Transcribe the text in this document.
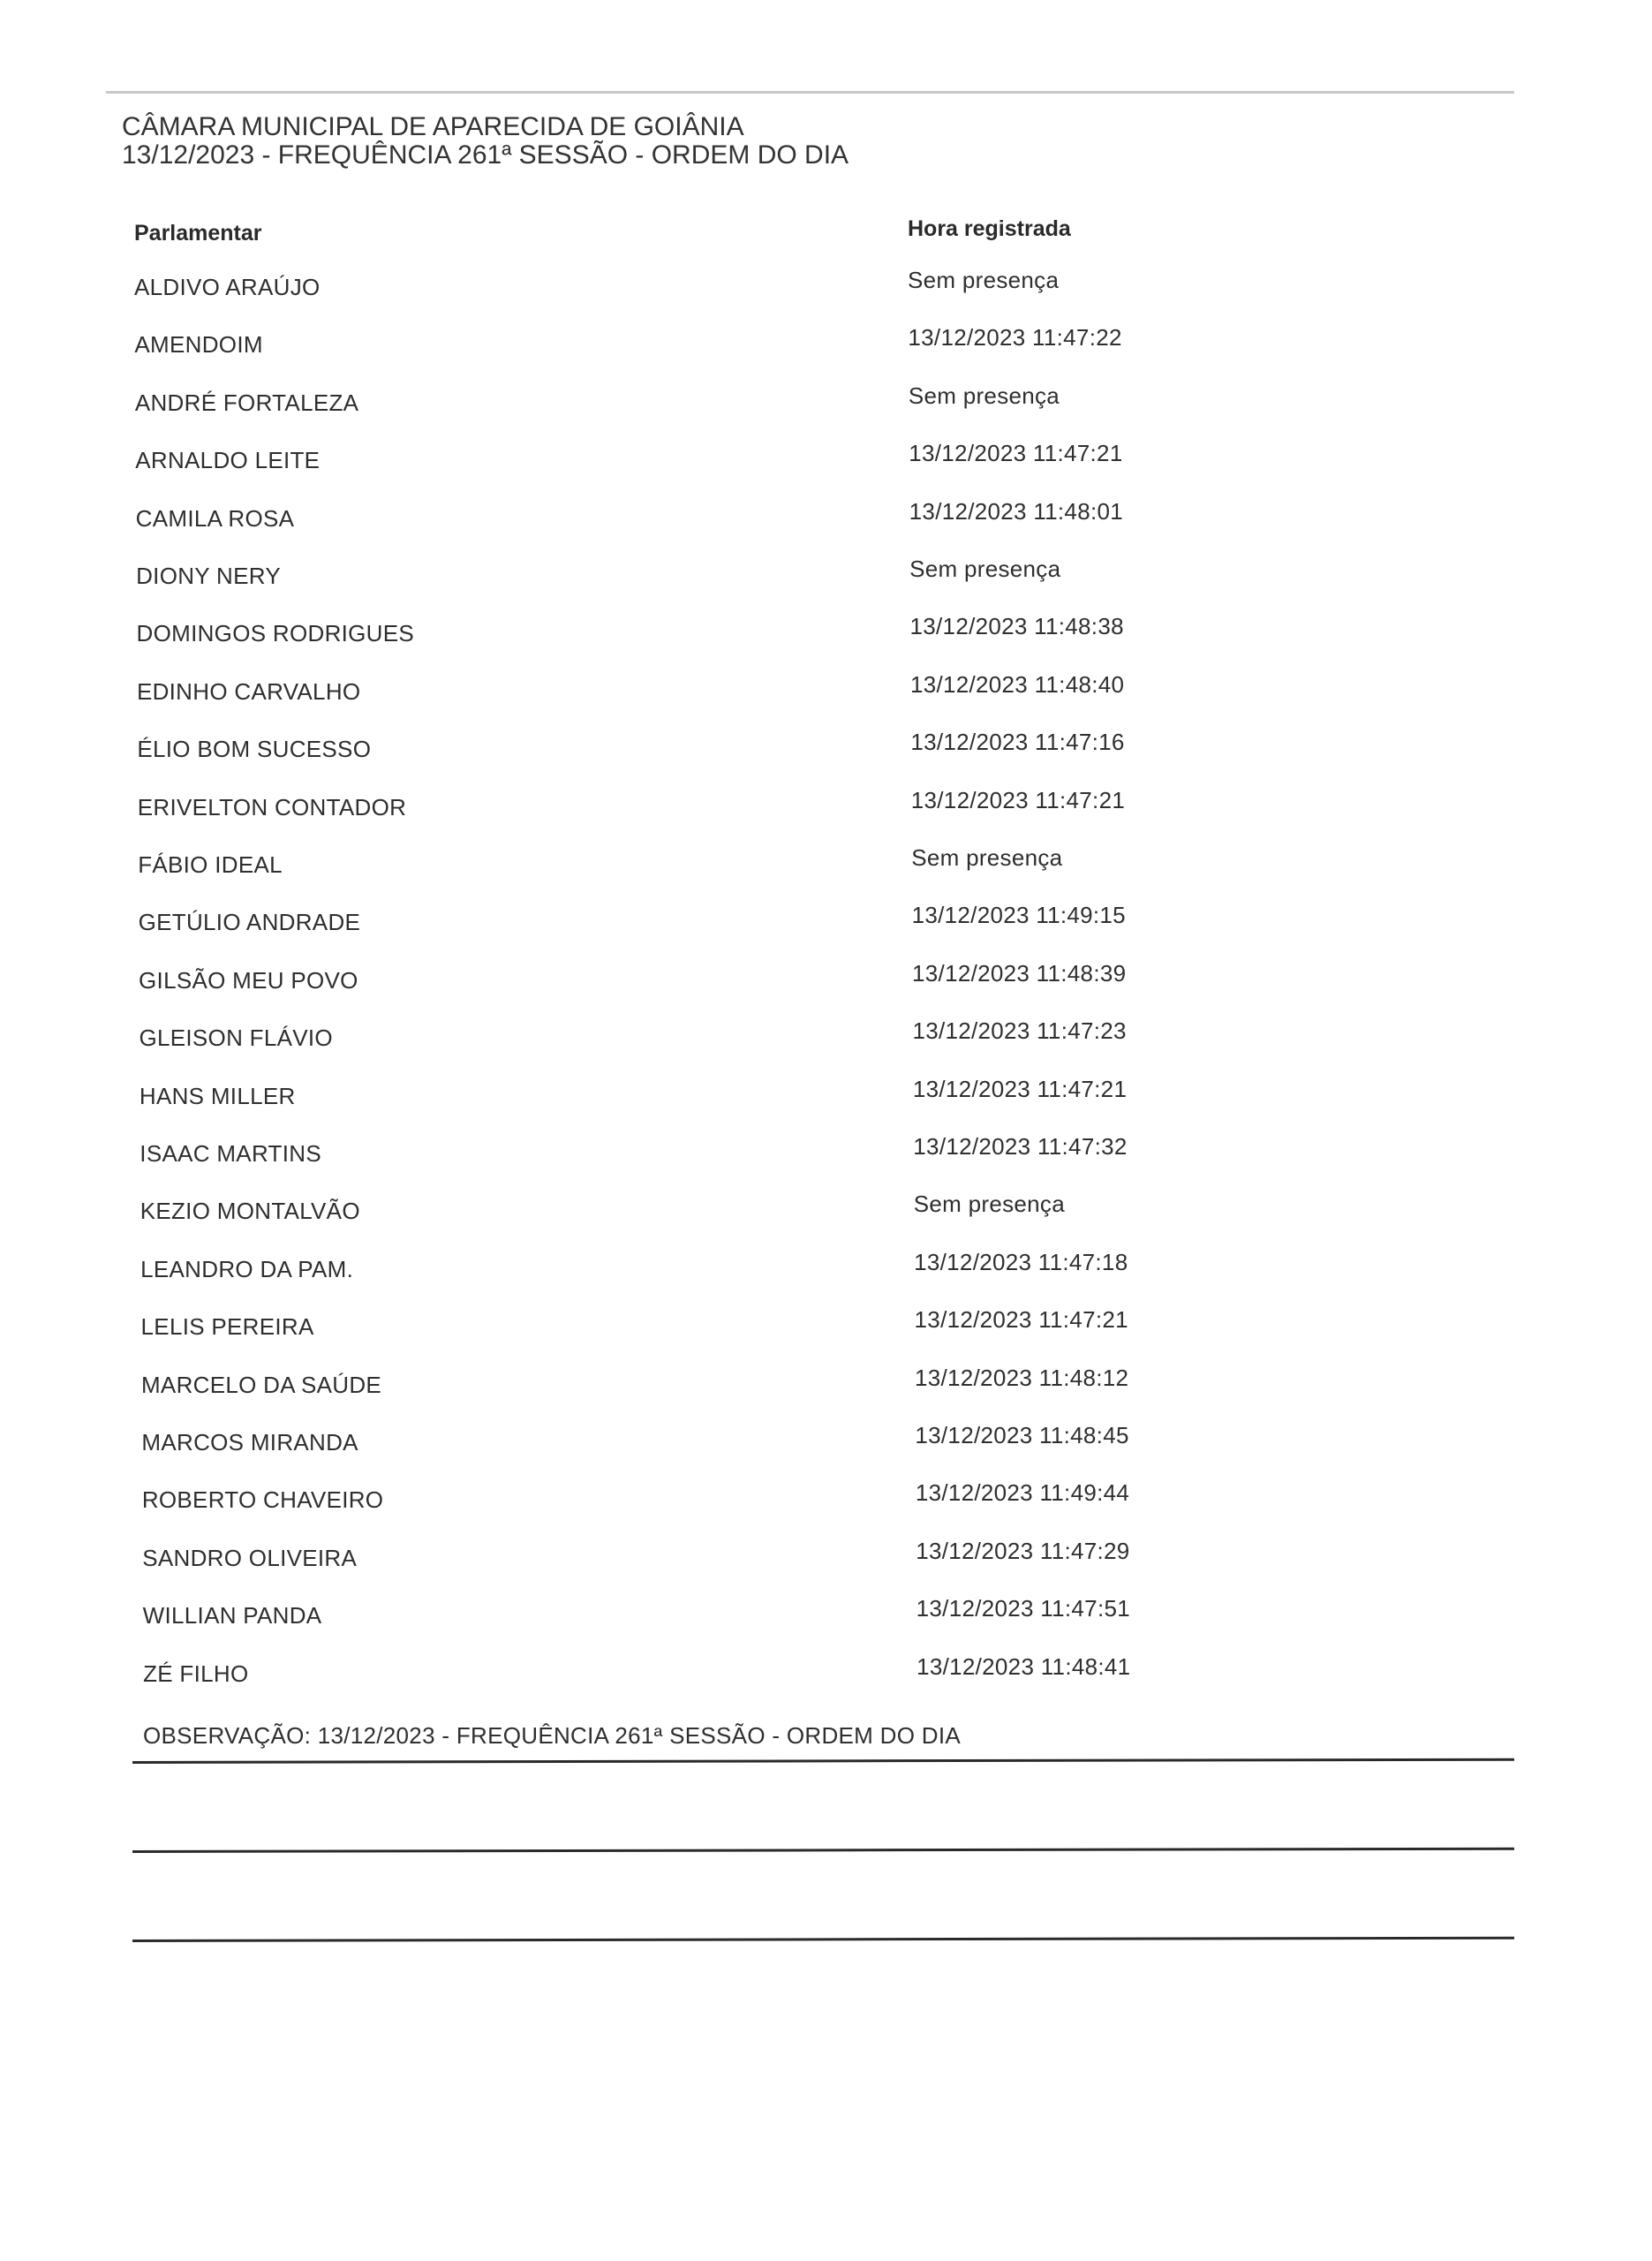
CÂMARA MUNICIPAL DE APARECIDA DE GOIÂNIA
13/12/2023 - FREQUÊNCIA 261ª SESSÃO - ORDEM DO DIA
Parlamentar	Hora registrada
ALDIVO ARAÚJO	Sem presença
AMENDOIM	13/12/2023 11:47:22
ANDRÉ FORTALEZA	Sem presença
ARNALDO LEITE	13/12/2023 11:47:21
CAMILA ROSA	13/12/2023 11:48:01
DIONY NERY	Sem presença
DOMINGOS RODRIGUES	13/12/2023 11:48:38
EDINHO CARVALHO	13/12/2023 11:48:40
ÉLIO BOM SUCESSO	13/12/2023 11:47:16
ERIVELTON CONTADOR	13/12/2023 11:47:21
FÁBIO IDEAL	Sem presença
GETÚLIO ANDRADE	13/12/2023 11:49:15
GILSÃO MEU POVO	13/12/2023 11:48:39
GLEISON FLÁVIO	13/12/2023 11:47:23
HANS MILLER	13/12/2023 11:47:21
ISAAC MARTINS	13/12/2023 11:47:32
KEZIO MONTALVÃO	Sem presença
LEANDRO DA PAM.	13/12/2023 11:47:18
LELIS PEREIRA	13/12/2023 11:47:21
MARCELO DA SAÚDE	13/12/2023 11:48:12
MARCOS MIRANDA	13/12/2023 11:48:45
ROBERTO CHAVEIRO	13/12/2023 11:49:44
SANDRO OLIVEIRA	13/12/2023 11:47:29
WILLIAN PANDA	13/12/2023 11:47:51
ZÉ FILHO	13/12/2023 11:48:41
OBSERVAÇÃO: 13/12/2023 - FREQUÊNCIA 261ª SESSÃO - ORDEM DO DIA
